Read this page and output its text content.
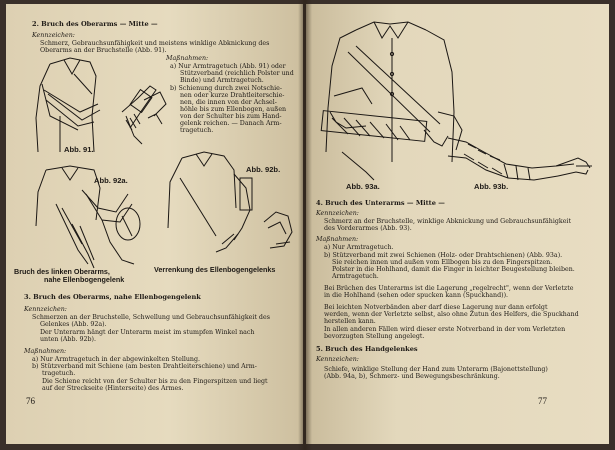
2. Bruch des Oberarms — Mitte —
Kennzeichen:
Schmerz, Gebrauchsunfähigkeit und meistens winklige Abknickung des
Oberarms an der Bruchstelle (Abb. 91).
Maßnahmen:
a) Nur Armtragetuch (Abb. 91) oder
Stützverband (reichlich Polster und
Binde) und Armtragetuch.
b) Schienung durch zwei Notschie-
nen oder kurze Drahtleiterschie-
nen, die innen von der Achsel-
höhle bis zum Ellenbogen, außen
von der Schulter bis zum Hand-
gelenk reichen. — Danach Arm-
tragetuch.
Abb. 91.
Abb. 92a.
Abb. 92b.
Bruch des linken Oberarms,
nahe Ellenbogengelenk
Verrenkung des Ellenbogengelenks
3. Bruch des Oberarms, nahe Ellenbogengelenk
Kennzeichen:
Schmerzen an der Bruchstelle, Schwellung und Gebrauchsunfähigkeit des
Gelenkes (Abb. 92a).
Der Unterarm hängt der Unterarm meist im stumpfen Winkel nach
unten (Abb. 92b).
Maßnahmen:
a) Nur Armtragetuch in der abgewinkelten Stellung.
b) Stützverband mit Schiene (am besten Drahtleiterschiene) und Arm-
tragetuch.
Die Schiene reicht von der Schulter bis zu den Fingerspitzen und liegt
auf der Streckseite (Hinterseite) des Armes.
76
Abb. 93a.	Abb. 93b.
4. Bruch des Unterarms — Mitte —
Kennzeichen:
Schmerz an der Bruchstelle, winklige Abknickung und Gebrauchsunfähigkeit
des Vorderarmes (Abb. 93).
Maßnahmen:
a) Nur Armtragetuch.
b) Stützverband mit zwei Schienen (Holz- oder Drahtschienen) (Abb. 93a).
Sie reichen innen und außen vom Ellbogen bis zu den Fingerspitzen.
Polster in die Hohlhand, damit die Finger in leichter Beugestellung bleiben.
Armtragetuch.
Bei Brüchen des Unterarms ist die Lagerung „regelrecht", wenn der Verletzte
in die Hohlhand (sehen oder spucken kann (Spuckhand)).
Bei leichten Notverbänden aber darf diese Lagerung nur dann erfolgt
werden, wenn der Verletzte selbst, also ohne Zutun des Helfers, die Spuckhand
herstellen kann.
In allen anderen Fällen wird dieser erste Notverband in der vom Verletzten
bevorzugten Stellung angelegt.
5. Bruch des Handgelenkes
Kennzeichen:
Schiefe, winklige Stellung der Hand zum Unterarm (Bajonettstellung)
(Abb. 94a, b), Schmerz- und Bewegungsbeschränkung.
77
